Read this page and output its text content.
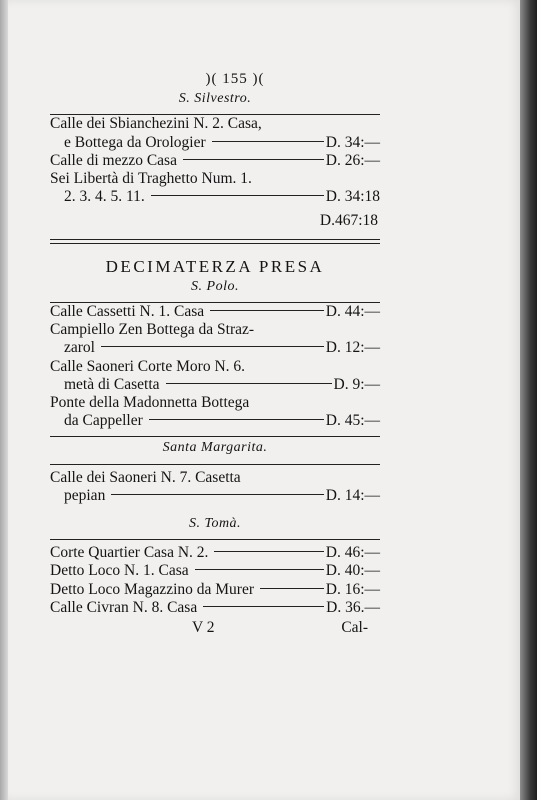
)( 155 )(
S. Silvestro.
Calle dei Sbianchezini N. 2. Casa,
e Bottega da Orologier	D. 34:—
Calle di mezzo Casa	D. 26:—
Sei Libertà di Traghetto Num. 1.
2. 3. 4. 5. 11.	D. 34:18
D.467:18
DECIMATERZA PRESA
S. Polo.
Calle Cassetti N. 1. Casa	D. 44:—
Campiello Zen Bottega da Straz-
zarol	D. 12:—
Calle Saoneri Corte Moro N. 6.
metà di Casetta	D. 9:—
Ponte della Madonnetta Bottega
da Cappeller	D. 45:—
Santa Margarita.
Calle dei Saoneri N. 7. Casetta
pepian	D. 14:—
S. Tomà.
Corte Quartier Casa N. 2.	D. 46:—
Detto Loco N. 1. Casa	D. 40:—
Detto Loco Magazzino da Murer	D. 16:—
Calle Civran N. 8. Casa	D. 36.—
V 2	Cal-
